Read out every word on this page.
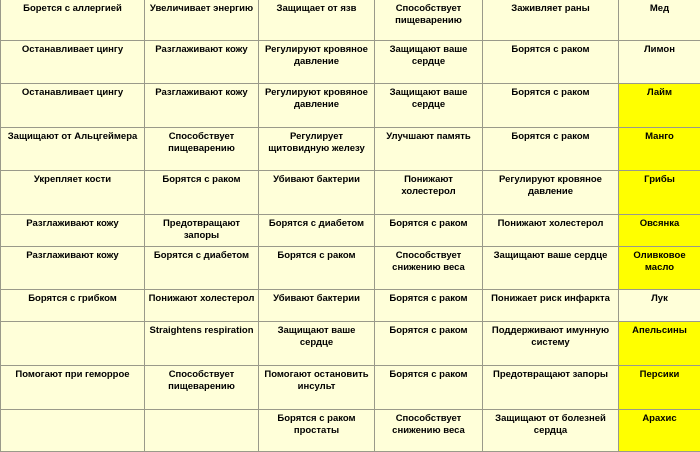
Борется с аллергией	Увеличивает энергию	Защищает от язв	Способствует пищеварению	Заживляет раны	Мед
Останавливает цингу	Разглаживают кожу	Регулируют кровяное давление	Защищают ваше сердце	Борятся с раком	Лимон
Останавливает цингу	Разглаживают кожу	Регулируют кровяное давление	Защищают ваше сердце	Борятся с раком	Лайм
Защищают от Альцгеймера	Способствует пищеварению	Регулирует щитовидную железу	Улучшают память	Борятся с раком	Манго
Укрепляет кости	Борятся с раком	Убивают бактерии	Понижают холестерол	Регулируют кровяное давление	Грибы
Разглаживают кожу	Предотвращают запоры	Борятся с диабетом	Борятся с раком	Понижают холестерол	Овсянка
Разглаживают кожу	Борятся с диабетом	Борятся с раком	Способствует снижению веса	Защищают ваше сердце	Оливковое масло
Борятся с грибком	Понижают холестерол	Убивают бактерии	Борятся с раком	Понижает риск инфаркта	Лук
	Straightens respiration	Защищают ваше сердце	Борятся с раком	Поддерживают имунную систему	Апельсины
Помогают при геморрое	Способствует пищеварению	Помогают остановить инсульт	Борятся с раком	Предотвращают запоры	Персики
		Борятся с раком простаты	Способствует снижению веса	Защищают от болезней сердца	Арахис
